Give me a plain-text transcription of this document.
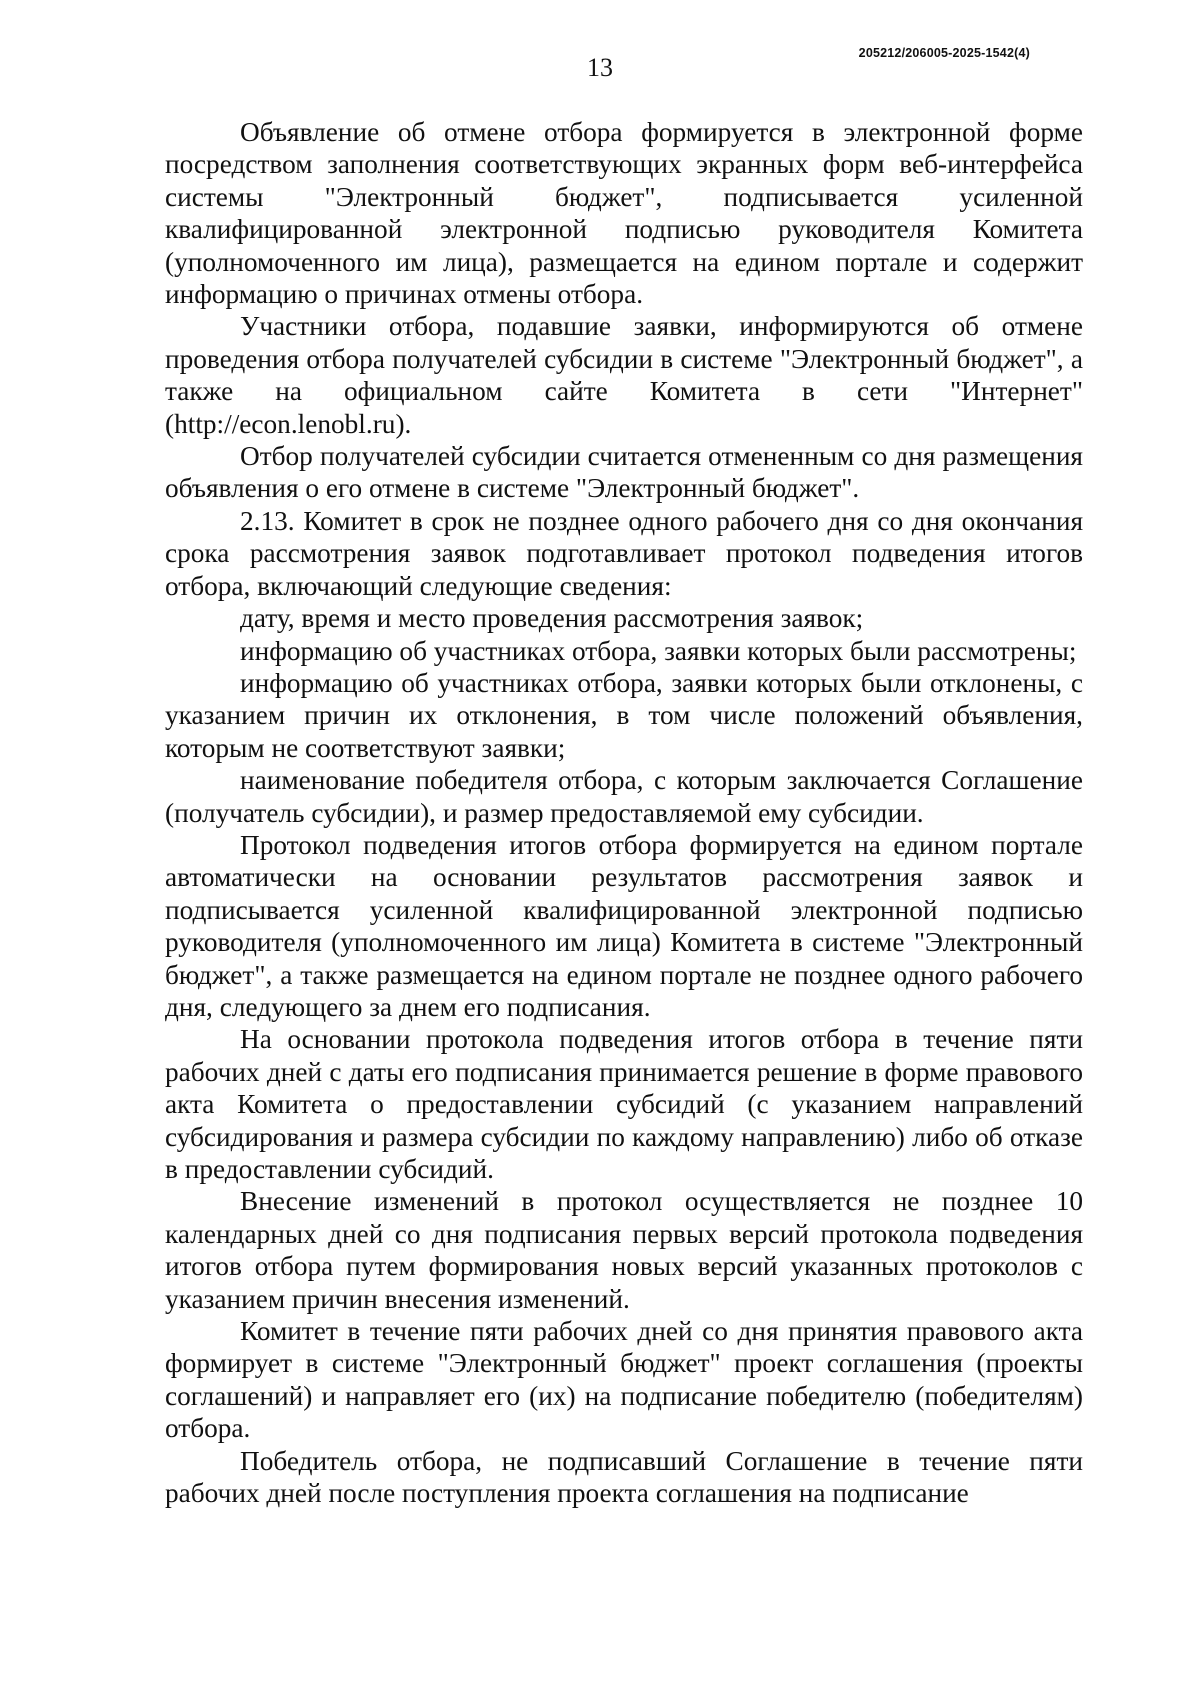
13	205212/206005-2025-1542(4)

Объявление об отмене отбора формируется в электронной форме посредством заполнения соответствующих экранных форм веб-интерфейса системы "Электронный бюджет", подписывается усиленной квалифицированной электронной подписью руководителя Комитета (уполномоченного им лица), размещается на едином портале и содержит информацию о причинах отмены отбора.

Участники отбора, подавшие заявки, информируются об отмене проведения отбора получателей субсидии в системе "Электронный бюджет", а также на официальном сайте Комитета в сети "Интернет" (http://econ.lenobl.ru).

Отбор получателей субсидии считается отмененным со дня размещения объявления о его отмене в системе "Электронный бюджет".

2.13. Комитет в срок не позднее одного рабочего дня со дня окончания срока рассмотрения заявок подготавливает протокол подведения итогов отбора, включающий следующие сведения:

дату, время и место проведения рассмотрения заявок;

информацию об участниках отбора, заявки которых были рассмотрены;

информацию об участниках отбора, заявки которых были отклонены, с указанием причин их отклонения, в том числе положений объявления, которым не соответствуют заявки;

наименование победителя отбора, с которым заключается Соглашение (получатель субсидии), и размер предоставляемой ему субсидии.

Протокол подведения итогов отбора формируется на едином портале автоматически на основании результатов рассмотрения заявок и подписывается усиленной квалифицированной электронной подписью руководителя (уполномоченного им лица) Комитета в системе "Электронный бюджет", а также размещается на едином портале не позднее одного рабочего дня, следующего за днем его подписания.

На основании протокола подведения итогов отбора в течение пяти рабочих дней с даты его подписания принимается решение в форме правового акта Комитета о предоставлении субсидий (с указанием направлений субсидирования и размера субсидии по каждому направлению) либо об отказе в предоставлении субсидий.

Внесение изменений в протокол осуществляется не позднее 10 календарных дней со дня подписания первых версий протокола подведения итогов отбора путем формирования новых версий указанных протоколов с указанием причин внесения изменений.

Комитет в течение пяти рабочих дней со дня принятия правового акта формирует в системе "Электронный бюджет" проект соглашения (проекты соглашений) и направляет его (их) на подписание победителю (победителям) отбора.

Победитель отбора, не подписавший Соглашение в течение пяти рабочих дней после поступления проекта соглашения на подписание
